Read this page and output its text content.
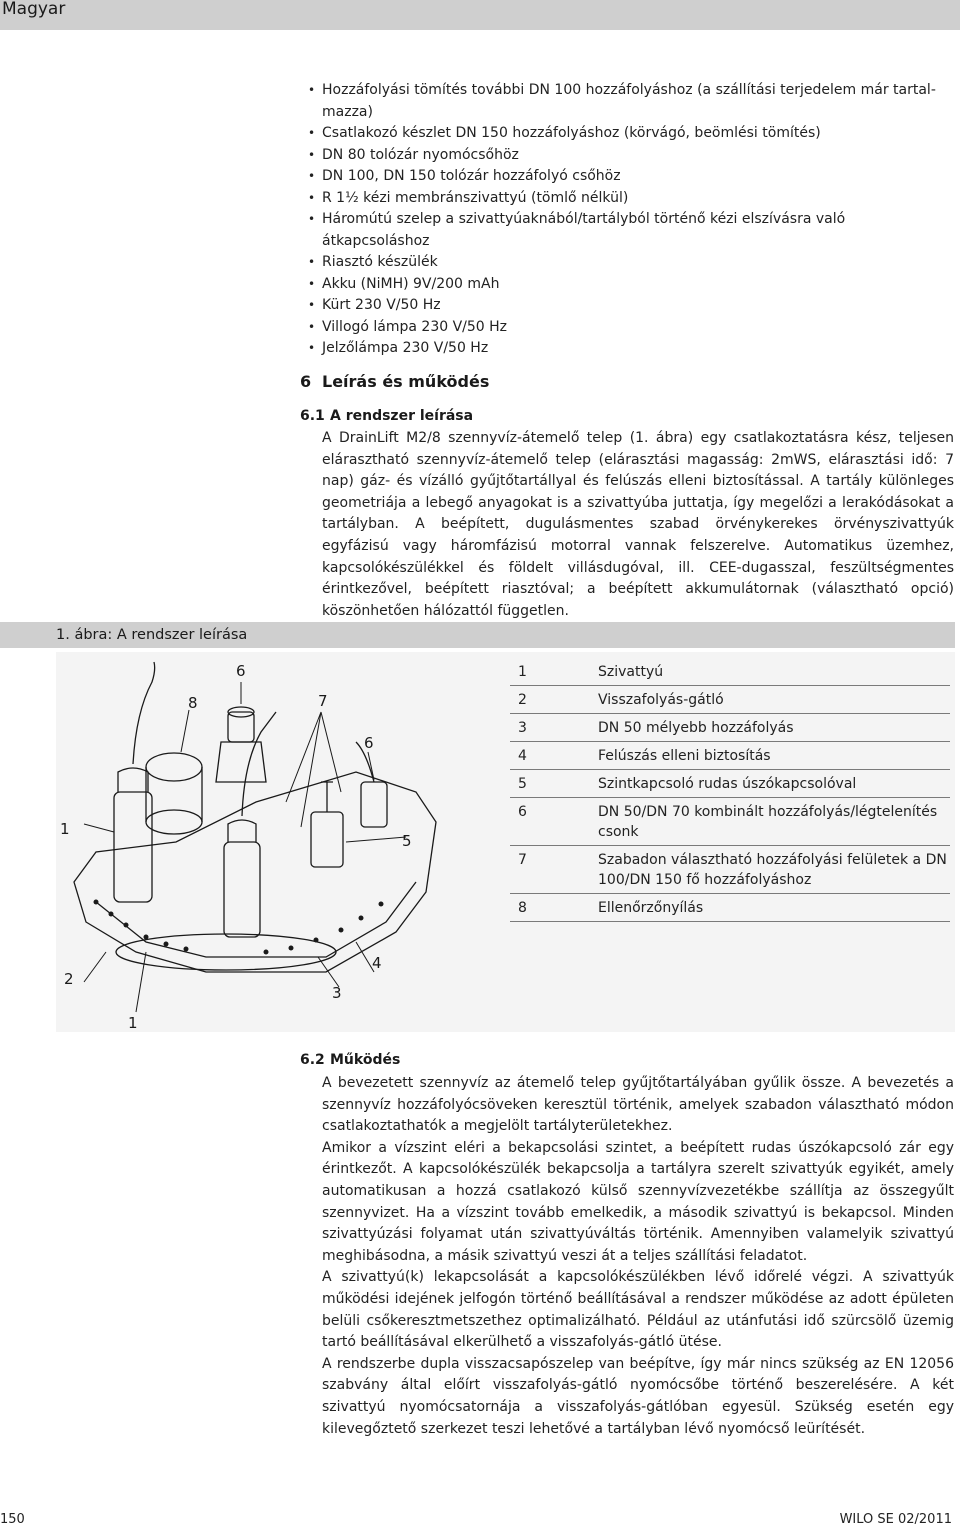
Magyar
• Hozzáfolyási tömítés további DN 100 hozzáfolyáshoz (a szállítási terjedelem már tartal-mazza)
• Csatlakozó készlet DN 150 hozzáfolyáshoz (körvágó, beömlési tömítés)
• DN 80 tolózár nyomócsőhöz
• DN 100, DN 150 tolózár hozzáfolyó csőhöz
• R 1½ kézi membránszivattyú (tömlő nélkül)
• Háromútú szelep a szivattyúaknából/tartályból történő kézi elszívásra való átkapcsoláshoz
• Riasztó készülék
• Akku (NiMH) 9V/200 mAh
• Kürt 230 V/50 Hz
• Villogó lámpa 230 V/50 Hz
• Jelzőlámpa 230 V/50 Hz
6 Leírás és működés
6.1 A rendszer leírása

A DrainLift M2/8 szennyvíz-átemelő telep (1. ábra) egy csatlakoztatásra kész, teljesen elárasztható szennyvíz-átemelő telep (elárasztási magasság: 2mWS, elárasztási idő: 7 nap) gáz- és vízálló gyűjtőtartállyal és felúszás elleni biztosítással. A tartály különleges geometriája a lebegő anyagokat is a szivattyúba juttatja, így megelőzi a lerakódásokat a tartályban. A beépített, dugulásmentes szabad örvénykerekes örvényszivattyúk egyfázisú vagy háromfázisú motorral vannak felszerelve. Automatikus üzemhez, kapcsolókészülékkel és földelt villásdugóval, ill. CEE-dugasszal, feszültségmentes érintkezővel, beépített riasztóval; a beépített akkumulátornak (választható opció) köszönhetően hálózattól független.

1. ábra: A rendszer leírása
6
8	7
6
1
5
2
3
4
1
1	Szivattyú
2	Visszafolyás-gátló
3	DN 50 mélyebb hozzáfolyás
4	Felúszás elleni biztosítás
5	Szintkapcsoló rudas úszókapcsolóval
6	DN 50/DN 70 kombinált hozzáfolyás/légtelenítés csonk
7	Szabadon választható hozzáfolyási felületek a DN 100/DN 150 fő hozzáfolyáshoz
8	Ellenőrzőnyílás
6.2 Működés
A bevezetett szennyvíz az átemelő telep gyűjtőtartályában gyűlik össze. A bevezetés a szennyvíz hozzáfolyócsöveken keresztül történik, amelyek szabadon választható módon csatlakoztathatók a megjelölt tartályterületekhez.
Amikor a vízszint eléri a bekapcsolási szintet, a beépített rudas úszókapcsoló zár egy érintkezőt. A kapcsolókészülék bekapcsolja a tartályra szerelt szivattyúk egyikét, amely automatikusan a hozzá csatlakozó külső szennyvízvezetékbe szállítja az összegyűlt szennyvizet. Ha a vízszint tovább emelkedik, a második szivattyú is bekapcsol. Minden szivattyúzási folyamat után szivattyúváltás történik. Amennyiben valamelyik szivattyú meghibásodna, a másik szivattyú veszi át a teljes szállítási feladatot.
A szivattyú(k) lekapcsolását a kapcsolókészülékben lévő időrelé végzi. A szivattyúk működési idejének jelfogón történő beállításával a rendszer működése az adott épületen belüli csőkeresztmetszethez optimalizálható. Például az utánfutási idő szürcsölő üzemig tartó beállításával elkerülhető a visszafolyás-gátló ütése.
A rendszerbe dupla visszacsapószelep van beépítve, így már nincs szükség az EN 12056 szabvány által előírt visszafolyás-gátló nyomócsőbe történő beszerelésére. A két szivattyú nyomócsatornája a visszafolyás-gátlóban egyesül. Szükség esetén egy kilevegőztető szerkezet teszi lehetővé a tartályban lévő nyomócső leürítését.
150	WILO SE 02/2011
